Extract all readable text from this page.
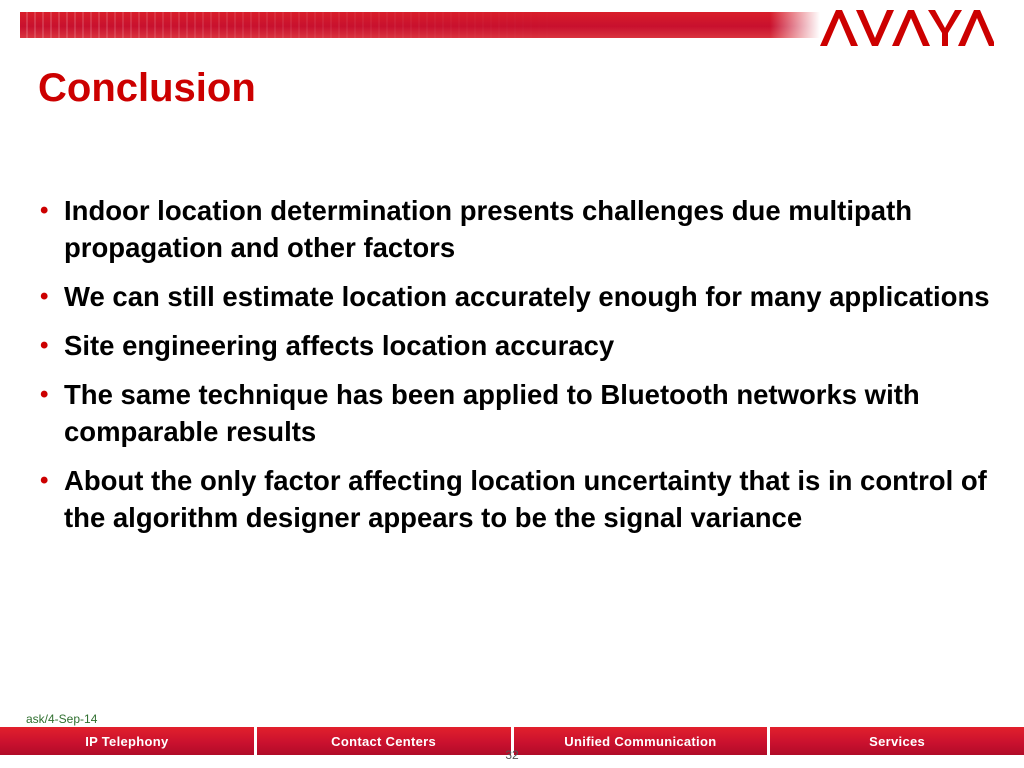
AVAYA
Conclusion
• Indoor location determination presents challenges due multipath propagation and other factors
• We can still estimate location accurately enough for many applications
• Site engineering affects location accuracy
• The same technique has been applied to Bluetooth networks with comparable results
• About the only factor affecting location uncertainty that is in control of the algorithm designer appears to be the signal variance
ask/4-Sep-14
IP Telephony	Contact Centers	Unified Communication	Services
32
